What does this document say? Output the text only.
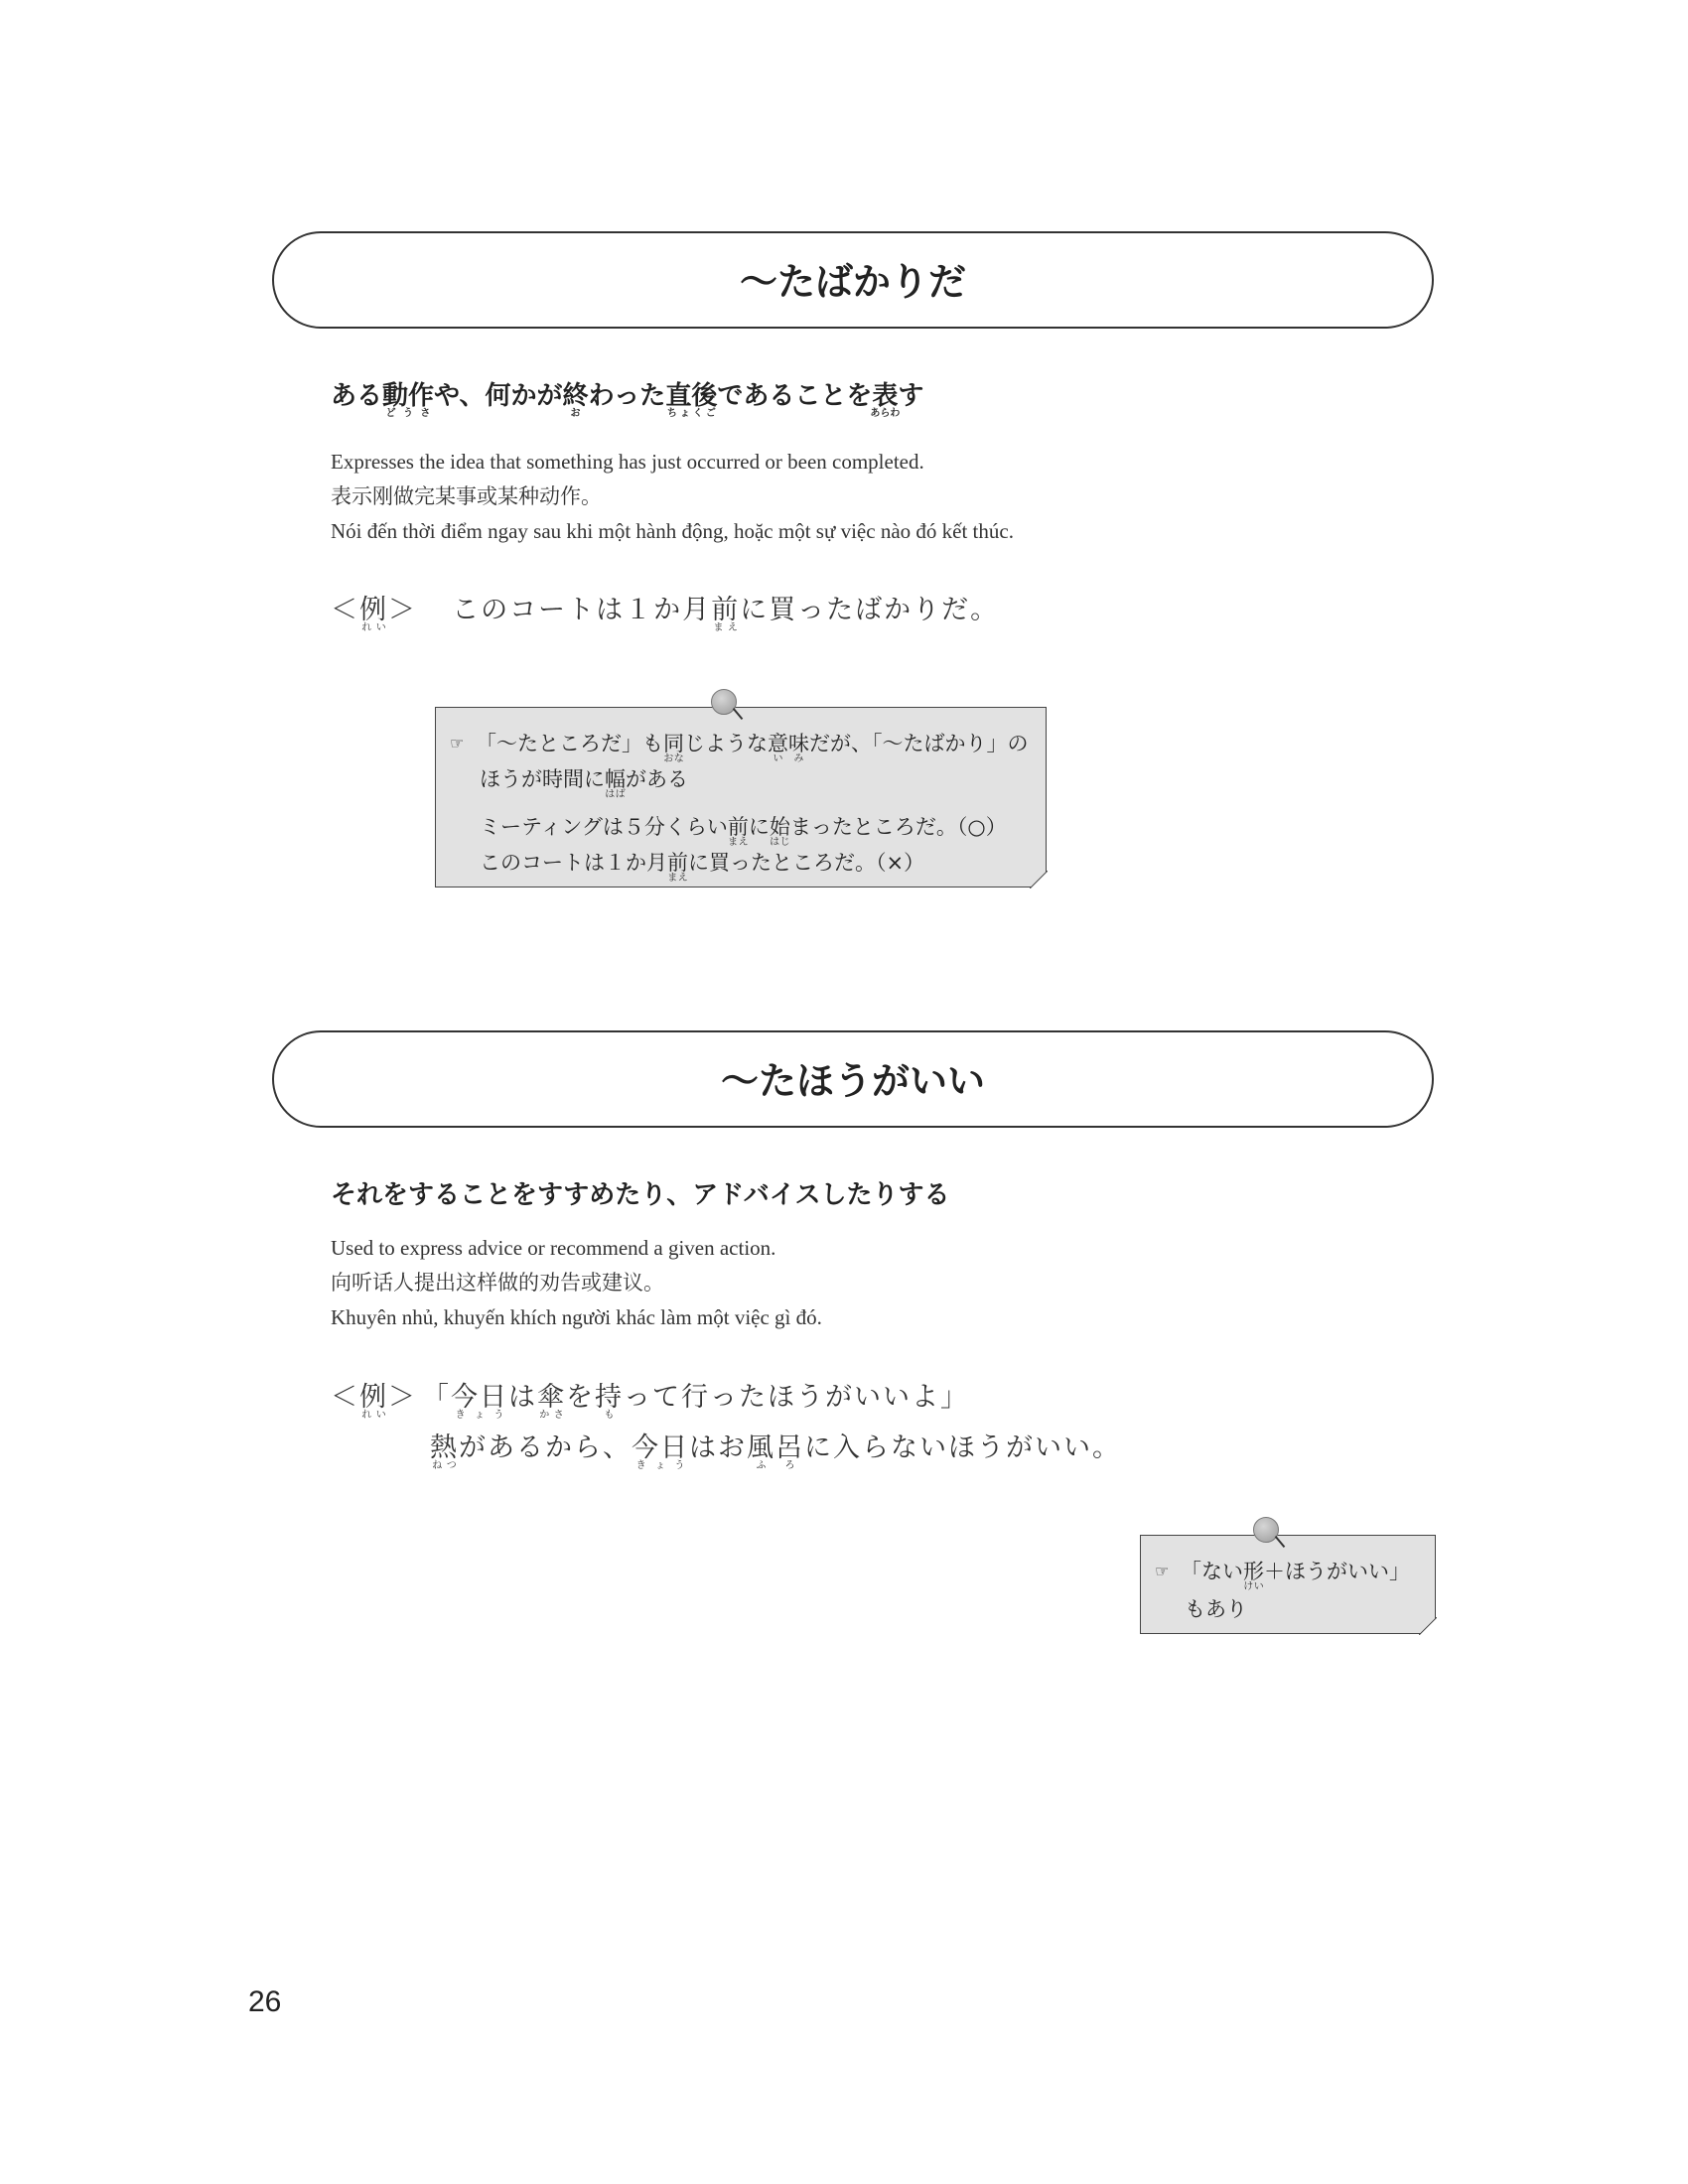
〜たばかりだ
ある動作どうさや、何かが終おわった直後ちょくごであることを表あらわす
Expresses the idea that something has just occurred or been completed.
表示刚做完某事或某种动作。
Nói đến thời điểm ngay sau khi một hành động, hoặc một sự việc nào đó kết thúc.
＜例れい＞ このコートは１か月前まえに買ったばかりだ。
☞ 「〜たところだ」も同おなじような意味いみだが、「〜たばかり」の
ほうが時間に幅はばがある
ミーティングは５分くらい前まえに始はじまったところだ。（○）
このコートは１か月前まえに買ったところだ。（×）
〜たほうがいい
それをすることをすすめたり、アドバイスしたりする
Used to express advice or recommend a given action.
向听话人提出这样做的劝告或建议。
Khuyên nhủ, khuyến khích người khác làm một việc gì đó.
＜例れい＞ 「今日きょうは傘かさを持もって行ったほうがいいよ」
熱ねつがあるから、今日きょうはお風呂ふろに入らないほうがいい。
☞ 「ない形けい＋ほうがいい」
もあり
26
